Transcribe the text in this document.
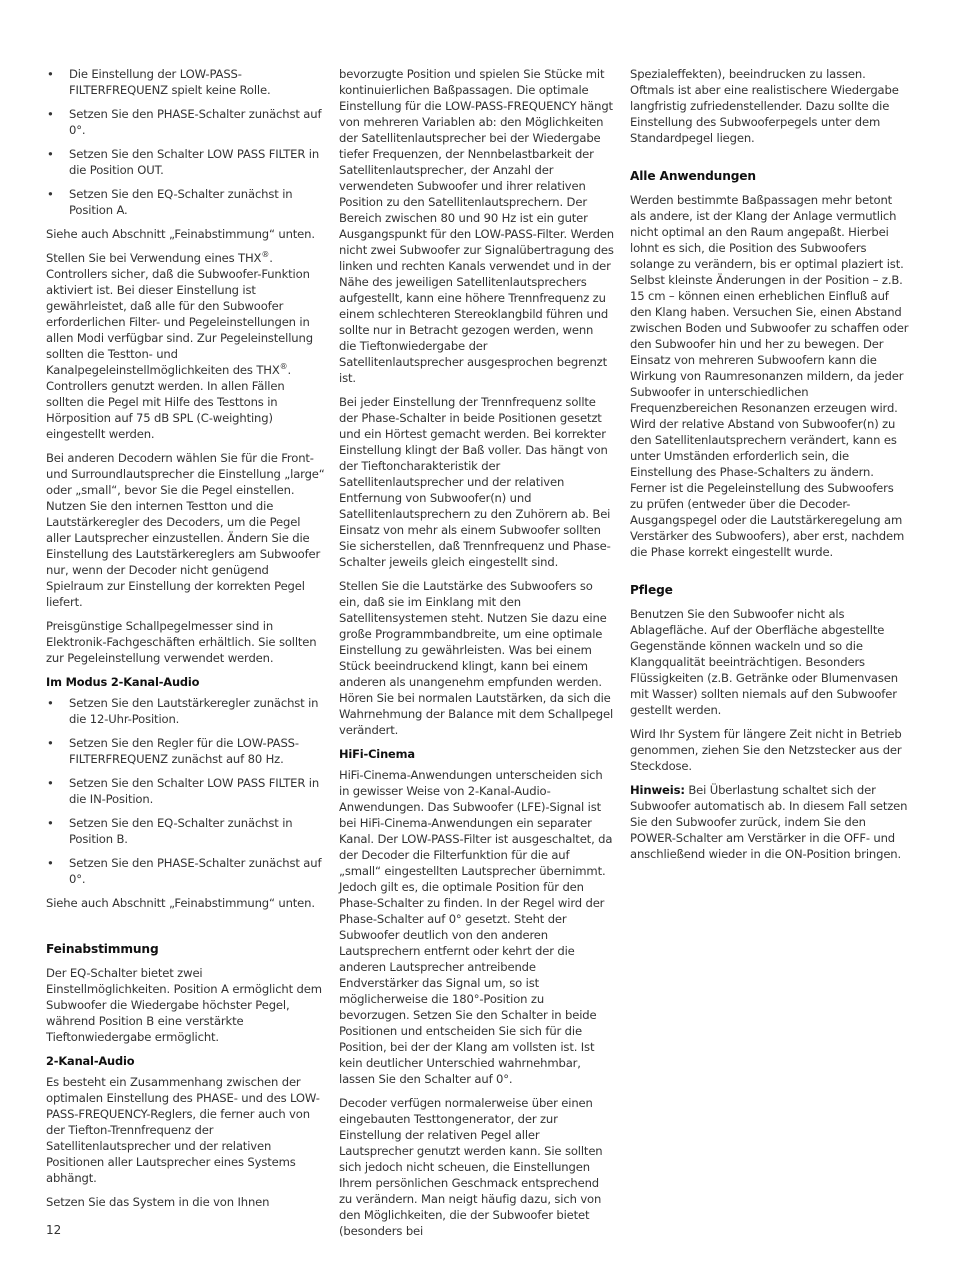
• Die Einstellung der LOW-PASS-FILTERFREQUENZ spielt keine Rolle.
• Setzen Sie den PHASE-Schalter zunächst auf 0°.
• Setzen Sie den Schalter LOW PASS FILTER in die Position OUT.
• Setzen Sie den EQ-Schalter zunächst in Position A.

Siehe auch Abschnitt „Feinabstimmung“ unten.

Stellen Sie bei Verwendung eines THX®. Controllers sicher, daß die Subwoofer-Funktion aktiviert ist. Bei dieser Einstellung ist gewährleistet, daß alle für den Subwoofer erforderlichen Filter- und Pegeleinstellungen in allen Modi verfügbar sind. Zur Pegeleinstellung sollten die Testton- und Kanalpegeleinstellmöglichkeiten des THX®. Controllers genutzt werden. In allen Fällen sollten die Pegel mit Hilfe des Testtons in Hörposition auf 75 dB SPL (C-weighting) eingestellt werden.

Bei anderen Decodern wählen Sie für die Front- und Surroundlautsprecher die Einstellung „large“ oder „small“, bevor Sie die Pegel einstellen. Nutzen Sie den internen Testton und die Lautstärkeregler des Decoders, um die Pegel aller Lautsprecher einzustellen. Ändern Sie die Einstellung des Lautstärkereglers am Subwoofer nur, wenn der Decoder nicht genügend Spielraum zur Einstellung der korrekten Pegel liefert.

Preisgünstige Schallpegelmesser sind in Elektronik-Fachgeschäften erhältlich. Sie sollten zur Pegeleinstellung verwendet werden.

Im Modus 2-Kanal-Audio
• Setzen Sie den Lautstärkeregler zunächst in die 12-Uhr-Position.
• Setzen Sie den Regler für die LOW-PASS-FILTERFREQUENZ zunächst auf 80 Hz.
• Setzen Sie den Schalter LOW PASS FILTER in die IN-Position.
• Setzen Sie den EQ-Schalter zunächst in Position B.
• Setzen Sie den PHASE-Schalter zunächst auf 0°.

Siehe auch Abschnitt „Feinabstimmung“ unten.

Feinabstimmung

Der EQ-Schalter bietet zwei Einstellmöglichkeiten. Position A ermöglicht dem Subwoofer die Wiedergabe höchster Pegel, während Position B eine verstärkte Tieftonwiedergabe ermöglicht.

2-Kanal-Audio

Es besteht ein Zusammenhang zwischen der optimalen Einstellung des PHASE- und des LOW-PASS-FREQUENCY-Reglers, die ferner auch von der Tiefton-Trennfrequenz der Satellitenlautsprecher und der relativen Positionen aller Lautsprecher eines Systems abhängt.

Setzen Sie das System in die von Ihnen

bevorzugte Position und spielen Sie Stücke mit kontinuierlichen Baßpassagen. Die optimale Einstellung für die LOW-PASS-FREQUENCY hängt von mehreren Variablen ab: den Möglichkeiten der Satellitenlautsprecher bei der Wiedergabe tiefer Frequenzen, der Nennbelastbarkeit der Satellitenlautsprecher, der Anzahl der verwendeten Subwoofer und ihrer relativen Position zu den Satellitenlautsprechern. Der Bereich zwischen 80 und 90 Hz ist ein guter Ausgangspunkt für den LOW-PASS-Filter. Werden nicht zwei Subwoofer zur Signalübertragung des linken und rechten Kanals verwendet und in der Nähe des jeweiligen Satellitenlautsprechers aufgestellt, kann eine höhere Trennfrequenz zu einem schlechteren Stereoklangbild führen und sollte nur in Betracht gezogen werden, wenn die Tieftonwiedergabe der Satellitenlautsprecher ausgesprochen begrenzt ist.

Bei jeder Einstellung der Trennfrequenz sollte der Phase-Schalter in beide Positionen gesetzt und ein Hörtest gemacht werden. Bei korrekter Einstellung klingt der Baß voller. Das hängt von der Tieftoncharakteristik der Satellitenlautsprecher und der relativen Entfernung von Subwoofer(n) und Satellitenlautsprechern zu den Zuhörern ab. Bei Einsatz von mehr als einem Subwoofer sollten Sie sicherstellen, daß Trennfrequenz und Phase-Schalter jeweils gleich eingestellt sind.

Stellen Sie die Lautstärke des Subwoofers so ein, daß sie im Einklang mit den Satellitensystemen steht. Nutzen Sie dazu eine große Programmbandbreite, um eine optimale Einstellung zu gewährleisten. Was bei einem Stück beeindruckend klingt, kann bei einem anderen als unangenehm empfunden werden. Hören Sie bei normalen Lautstärken, da sich die Wahrnehmung der Balance mit dem Schallpegel verändert.

HiFi-Cinema

HiFi-Cinema-Anwendungen unterscheiden sich in gewisser Weise von 2-Kanal-Audio-Anwendungen. Das Subwoofer (LFE)-Signal ist bei HiFi-Cinema-Anwendungen ein separater Kanal. Der LOW-PASS-Filter ist ausgeschaltet, da der Decoder die Filterfunktion für die auf „small“ eingestellten Lautsprecher übernimmt. Jedoch gilt es, die optimale Position für den Phase-Schalter zu finden. In der Regel wird der Phase-Schalter auf 0° gesetzt. Steht der Subwoofer deutlich von den anderen Lautsprechern entfernt oder kehrt der die anderen Lautsprecher antreibende Endverstärker das Signal um, so ist möglicherweise die 180°-Position zu bevorzugen. Setzen Sie den Schalter in beide Positionen und entscheiden Sie sich für die Position, bei der der Klang am vollsten ist. Ist kein deutlicher Unterschied wahrnehmbar, lassen Sie den Schalter auf 0°.

Decoder verfügen normalerweise über einen eingebauten Testtongenerator, der zur Einstellung der relativen Pegel aller Lautsprecher genutzt werden kann. Sie sollten sich jedoch nicht scheuen, die Einstellungen Ihrem persönlichen Geschmack entsprechend zu verändern. Man neigt häufig dazu, sich von den Möglichkeiten, die der Subwoofer bietet (besonders bei

Spezialeffekten), beeindrucken zu lassen. Oftmals ist aber eine realistischere Wiedergabe langfristig zufriedenstellender. Dazu sollte die Einstellung des Subwooferpegels unter dem Standardpegel liegen.

Alle Anwendungen

Werden bestimmte Baßpassagen mehr betont als andere, ist der Klang der Anlage vermutlich nicht optimal an den Raum angepaßt. Hierbei lohnt es sich, die Position des Subwoofers solange zu verändern, bis er optimal plaziert ist. Selbst kleinste Änderungen in der Position – z.B. 15 cm – können einen erheblichen Einfluß auf den Klang haben. Versuchen Sie, einen Abstand zwischen Boden und Subwoofer zu schaffen oder den Subwoofer hin und her zu bewegen. Der Einsatz von mehreren Subwoofern kann die Wirkung von Raumresonanzen mildern, da jeder Subwoofer in unterschiedlichen Frequenzbereichen Resonanzen erzeugen wird. Wird der relative Abstand von Subwoofer(n) zu den Satellitenlautsprechern verändert, kann es unter Umständen erforderlich sein, die Einstellung des Phase-Schalters zu ändern. Ferner ist die Pegeleinstellung des Subwoofers zu prüfen (entweder über die Decoder-Ausgangspegel oder die Lautstärkeregelung am Verstärker des Subwoofers), aber erst, nachdem die Phase korrekt eingestellt wurde.

Pflege

Benutzen Sie den Subwoofer nicht als Ablagefläche. Auf der Oberfläche abgestellte Gegenstände können wackeln und so die Klangqualität beeinträchtigen. Besonders Flüssigkeiten (z.B. Getränke oder Blumenvasen mit Wasser) sollten niemals auf den Subwoofer gestellt werden.

Wird Ihr System für längere Zeit nicht in Betrieb genommen, ziehen Sie den Netzstecker aus der Steckdose.

Hinweis: Bei Überlastung schaltet sich der Subwoofer automatisch ab. In diesem Fall setzen Sie den Subwoofer zurück, indem Sie den POWER-Schalter am Verstärker in die OFF- und anschließend wieder in die ON-Position bringen.

12
